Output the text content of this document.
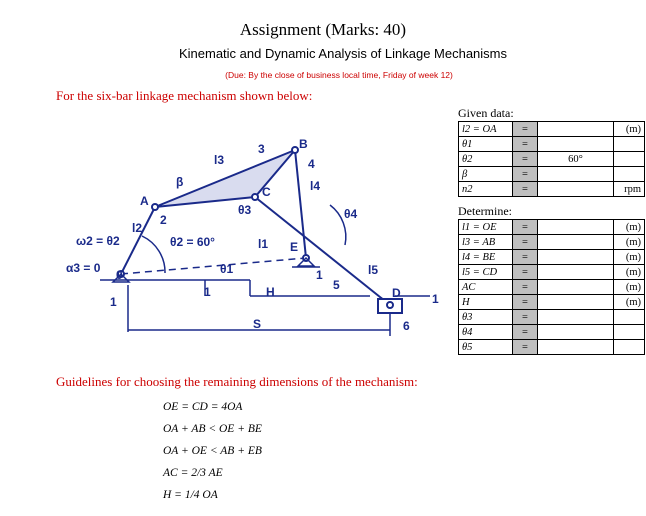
Assignment (Marks: 40)
Kinematic and Dynamic Analysis of Linkage Mechanisms
(Due: By the close of business local time, Friday of week 12)
For the six-bar linkage mechanism shown below:
B
A
C
E
D
0
l2
l3
l4
l5
l1
θ3	θ4
θ1
3
2
4
5
6
1
1
1
1
β
ω2 = θ2	θ2 = 60°
α3 = 0
H
S
Given data:
l2 = OA	=		(m)
θ1	=		
θ2	=	60°	
β	=		
n2	=		rpm
Determine:
l1 = OE	=		(m)
l3 = AB	=		(m)
l4 = BE	=		(m)
l5 = CD	=		(m)
AC	=		(m)
H	=		(m)
θ3	=		
θ4	=		
θ5	=		
Guidelines for choosing the remaining dimensions of the mechanism:
OE = CD = 4OA
OA + AB < OE + BE
OA + OE < AB + EB
AC = 2/3 AE
H = 1/4 OA
